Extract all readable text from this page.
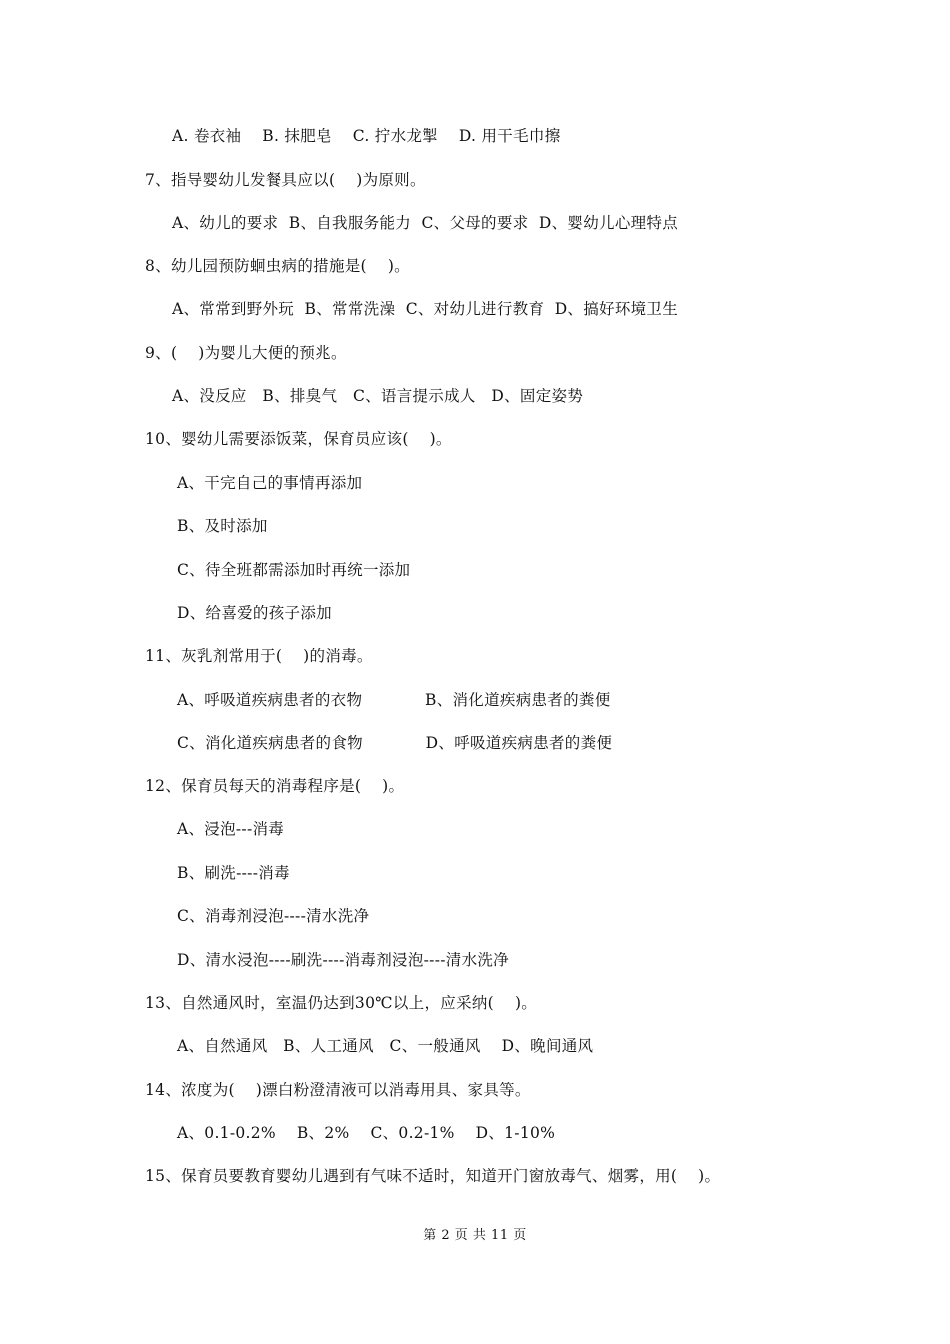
A. 卷衣袖    B. 抹肥皂    C. 拧水龙掣    D. 用干毛巾擦
7、指导婴幼儿发餐具应以(    )为原则。
A、幼儿的要求  B、自我服务能力  C、父母的要求  D、婴幼儿心理特点
8、幼儿园预防蛔虫病的措施是(    )。
A、常常到野外玩  B、常常洗澡  C、对幼儿进行教育  D、搞好环境卫生
9、(    )为婴儿大便的预兆。
A、没反应   B、排臭气   C、语言提示成人   D、固定姿势
10、婴幼儿需要添饭菜，保育员应该(    )。
A、干完自己的事情再添加
B、及时添加
C、待全班都需添加时再统一添加
D、给喜爱的孩子添加
11、灰乳剂常用于(    )的消毒。
A、呼吸道疾病患者的衣物            B、消化道疾病患者的粪便
C、消化道疾病患者的食物            D、呼吸道疾病患者的粪便
12、保育员每天的消毒程序是(    )。
A、浸泡---消毒
B、刷洗----消毒
C、消毒剂浸泡----清水洗净
D、清水浸泡----刷洗----消毒剂浸泡----清水洗净
13、自然通风时，室温仍达到30℃以上，应采纳(    )。
A、自然通风   B、人工通风   C、一般通风    D、晚间通风
14、浓度为(    )漂白粉澄清液可以消毒用具、家具等。
A、0.1-0.2%    B、2%    C、0.2-1%    D、1-10%
15、保育员要教育婴幼儿遇到有气味不适时，知道开门窗放毒气、烟雾，用(    )。
第 2 页 共 11 页
